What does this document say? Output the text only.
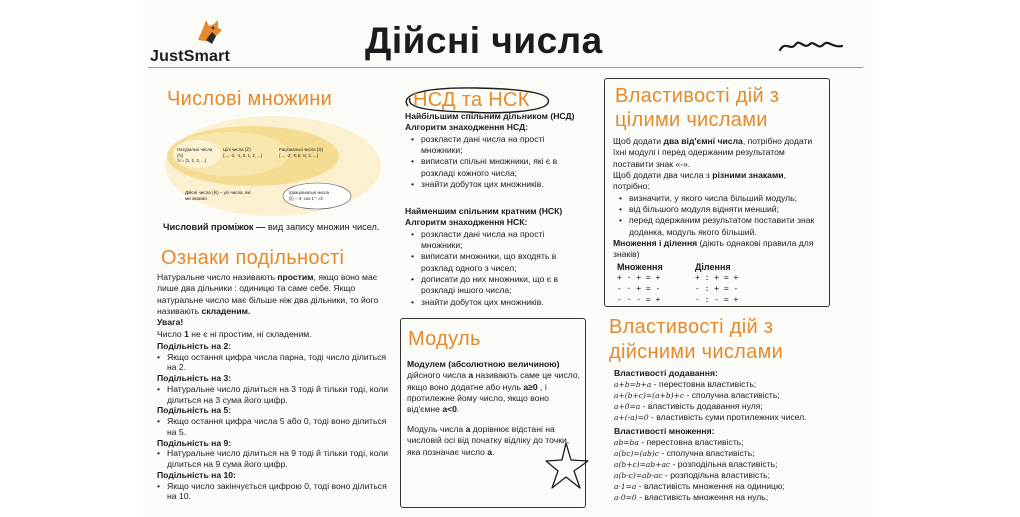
JustSmart	Дійсні числа
Числові множини
Натуральні числа (ℕ)
ℕ = {1, 2, 3, ...}
Цілі числа (ℤ)
{..., -2, -1, 0, 1, 2, ...}
Раціональні числа (ℚ)
{..., -2; -0,5; ⅓; 2, ...}
Дійсні числа (ℝ) – усі числа, які ми знаємо
Ірраціональні числа
(𝕀) – π; cos 1°; √2
Числовий проміжок — вид запису множин чисел.
Ознаки подільності
Натуральне число називають простим, якщо воно має лише два дільники : одиницю та саме себе. Якщо натуральне число має більше ніж два дільники, то його називають складеним.
Увага!
Число 1 не є ні простим, ні складеним.
Подільність на 2:
• Якщо остання цифра числа парна, тоді число ділиться на 2.
Подільність на 3:
• Натуральне число ділиться на 3 тоді й тільки тоді, коли ділиться на 3 сума його цифр.
Подільність на 5:
• Якщо остання цифра числа 5 або 0, тоді воно ділиться на 5.
Подільність на 9:
• Натуральне число ділиться на 9 тоді й тільки тоді, коли ділиться на 9 сума його цифр.
Подільність на 10:
• Якщо число закінчується цифрою 0, тоді воно ділиться на 10.
НСД та НСК
Найбільшим спільним дільником (НСД)
Алгоритм знаходження НСД:
• розкласти дані числа на прості множники;
• виписати спільні множники, які є в розкладі кожного числа;
• знайти добуток цих множників.
Найменшим спільним кратним (НСК)
Алгоритм знаходження НСК:
• розкласти дані числа на прості множники;
• виписати множники, що входять в розклад одного з чисел;
• дописати до них множники, що є в розкладі іншого числа;
• знайти добуток цих множників.
Модуль
Модулем (абсолютною величиною) дійсного числа a називають саме це число, якщо воно додатне або нуль a≥0 , і протилежне йому число, якщо воно від'ємне a<0.
Модуль числа a дорівнює відстані на числовій осі від початку відліку до точки, яка позначає число a.
Властивості дій з цілими числами
Щоб додати два від'ємні числа, потрібно додати їхні модулі і перед одержаним результатом поставити знак «-».
Щоб додати два числа з різними знаками, потрібно:
• визначити, у якого числа більший модуль;
• від більшого модуля відняти менший;
• перед одержаним результатом поставити знак доданка, модуль якого більший.
Множення і ділення (діють однакові правила для знаків)
Множення	Ділення
+ · + = +	+ : + = +
- · + = -	- : + = -
- · - = +	- : - = +
Властивості дій з дійсними числами
Властивості додавання:
a+b=b+a - перестовна властивість;
a+(b+c)=(a+b)+c - сполучна властивість;
a+0=a - властивість додавання нуля;
a+(-a)=0 - властивість суми протилежних чисел.
Властивості множення:
ab=ba - перестовна властивість;
a(bc)=(ab)c - сполучна властивість;
a(b+c)=ab+ac - розподільна властивість;
a(b-c)=ab-ac - розподільна властивість;
a·1=a - властивість множення на одиницю;
a·0=0 - властивість множення на нуль;
